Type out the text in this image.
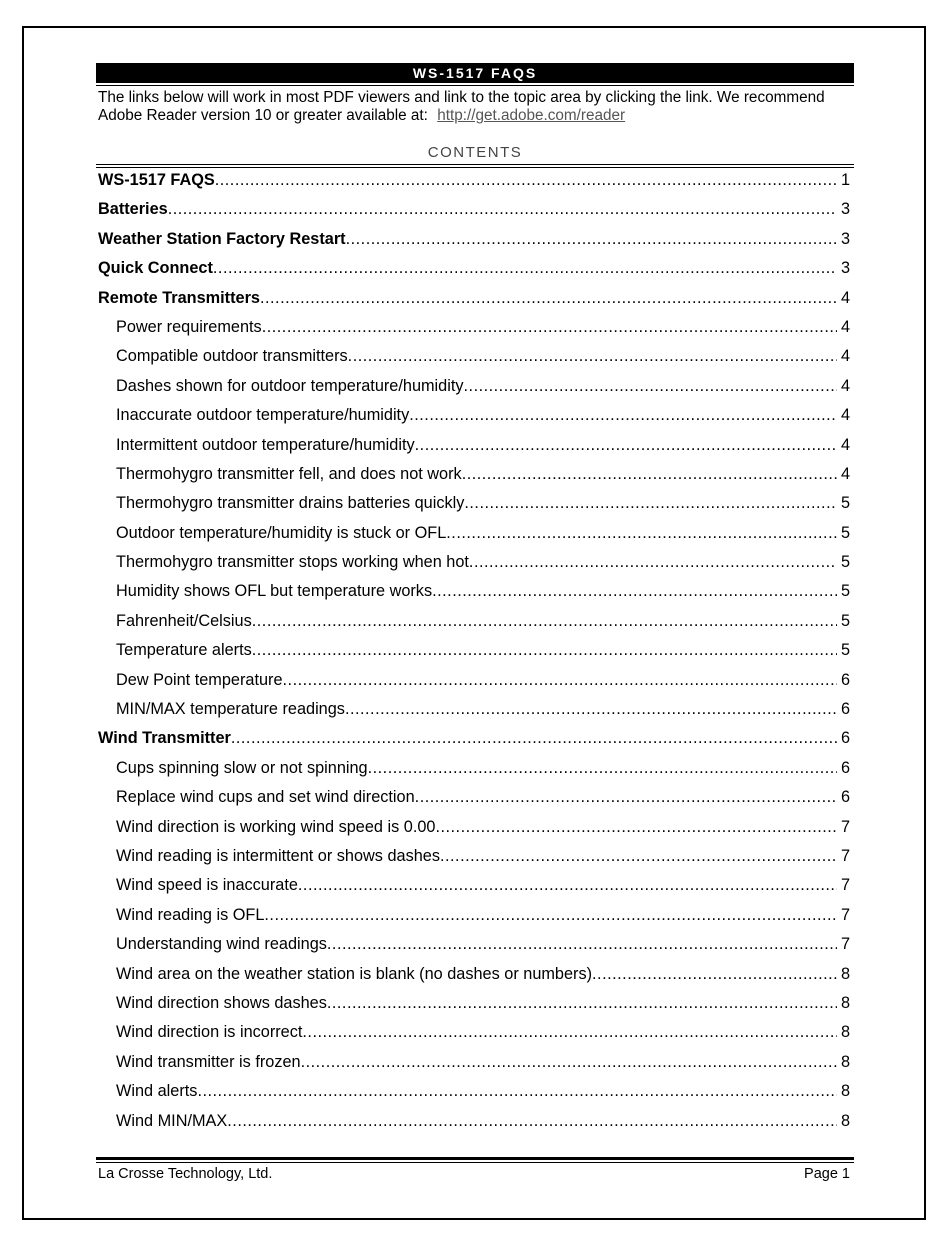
WS-1517 FAQS
The links below will work in most PDF viewers and link to the topic area by clicking the link. We recommend Adobe Reader version 10 or greater available at: http://get.adobe.com/reader
CONTENTS
WS-1517 FAQS .....	1
Batteries .....	3
Weather Station Factory Restart .....	3
Quick Connect .....	3
Remote Transmitters .....	4
Power requirements .....	4
Compatible outdoor transmitters .....	4
Dashes shown for outdoor temperature/humidity .....	4
Inaccurate outdoor temperature/humidity .....	4
Intermittent outdoor temperature/humidity .....	4
Thermohygro transmitter fell, and does not work .....	4
Thermohygro transmitter drains batteries quickly .....	5
Outdoor temperature/humidity is stuck or OFL .....	5
Thermohygro transmitter stops working when hot .....	5
Humidity shows OFL but temperature works .....	5
Fahrenheit/Celsius .....	5
Temperature alerts .....	5
Dew Point temperature .....	6
MIN/MAX temperature readings .....	6
Wind Transmitter .....	6
Cups spinning slow or not spinning .....	6
Replace wind cups and set wind direction .....	6
Wind direction is working wind speed is 0.00 .....	7
Wind reading is intermittent or shows dashes .....	7
Wind speed is inaccurate .....	7
Wind reading is OFL .....	7
Understanding wind readings .....	7
Wind area on the weather station is blank (no dashes or numbers) .....	8
Wind direction shows dashes .....	8
Wind direction is incorrect .....	8
Wind transmitter is frozen .....	8
Wind alerts .....	8
Wind MIN/MAX .....	8
La Crosse Technology, Ltd.	Page 1
